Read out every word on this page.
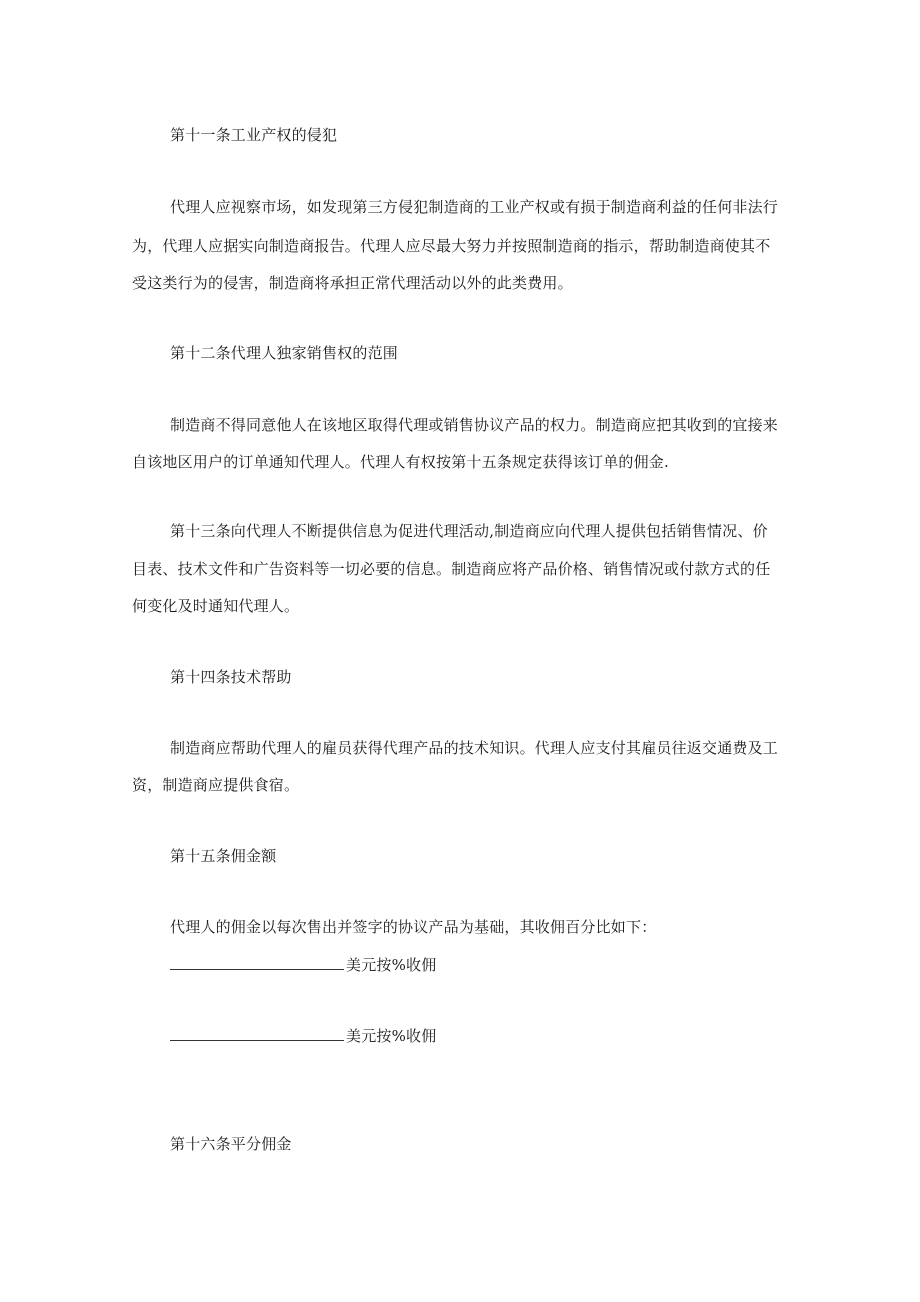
第十一条工业产权的侵犯
代理人应视察市场，如发现第三方侵犯制造商的工业产权或有损于制造商利益的任何非法行
为，代理人应据实向制造商报告。代理人应尽最大努力并按照制造商的指示，帮助制造商使其不
受这类行为的侵害，制造商将承担正常代理活动以外的此类费用。
第十二条代理人独家销售权的范围
制造商不得同意他人在该地区取得代理或销售协议产品的权力。制造商应把其收到的宜接来
自该地区用户的订单通知代理人。代理人有权按第十五条规定获得该订单的佣金.
第十三条向代理人不断提供信息为促进代理活动,制造商应向代理人提供包括销售情况、价
目表、技术文件和广告资料等一切必要的信息。制造商应将产品价格、销售情况或付款方式的任
何变化及时通知代理人。
第十四条技术帮助
制造商应帮助代理人的雇员获得代理产品的技术知识。代理人应支付其雇员往返交通费及工
资，制造商应提供食宿。
第十五条佣金额
代理人的佣金以每次售出并签字的协议产品为基础，其收佣百分比如下：
美元按%收佣
美元按%收佣
第十六条平分佣金
